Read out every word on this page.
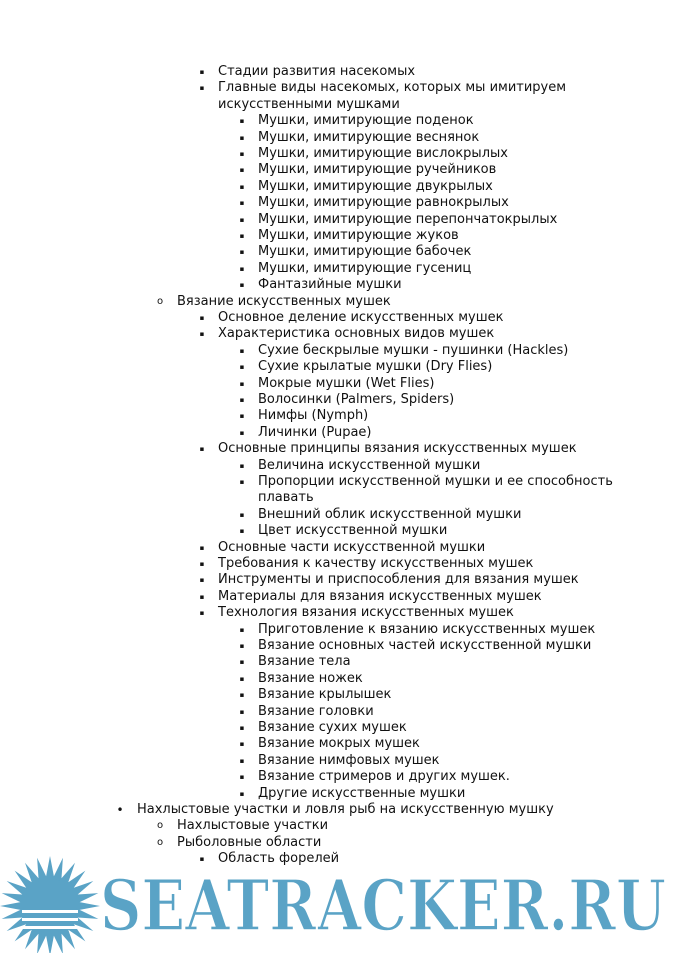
▪ Стадии развития насекомых
▪ Главные виды насекомых, которых мы имитируем искусственными мушками
▪ Мушки, имитирующие поденок
▪ Мушки, имитирующие веснянок
▪ Мушки, имитирующие вислокрылых
▪ Мушки, имитирующие ручейников
▪ Мушки, имитирующие двукрылых
▪ Мушки, имитирующие равнокрылых
▪ Мушки, имитирующие перепончатокрылых
▪ Мушки, имитирующие жуков
▪ Мушки, имитирующие бабочек
▪ Мушки, имитирующие гусениц
▪ Фантазийные мушки
o Вязание искусственных мушек
▪ Основное деление искусственных мушек
▪ Характеристика основных видов мушек
▪ Сухие бескрылые мушки - пушинки (Hackles)
▪ Сухие крылатые мушки (Dry Flies)
▪ Мокрые мушки (Wet Flies)
▪ Волосинки (Palmers, Spiders)
▪ Нимфы (Nymph)
▪ Личинки (Pupae)
▪ Основные принципы вязания искусственных мушек
▪ Величина искусственной мушки
▪ Пропорции искусственной мушки и ее способность плавать
▪ Внешний облик искусственной мушки
▪ Цвет искусственной мушки
▪ Основные части искусственной мушки
▪ Требования к качеству искусственных мушек
▪ Инструменты и приспособления для вязания мушек
▪ Материалы для вязания искусственных мушек
▪ Технология вязания искусственных мушек
▪ Приготовление к вязанию искусственных мушек
▪ Вязание основных частей искусственной мушки
▪ Вязание тела
▪ Вязание ножек
▪ Вязание крылышек
▪ Вязание головки
▪ Вязание сухих мушек
▪ Вязание мокрых мушек
▪ Вязание нимфовых мушек
▪ Вязание стримеров и других мушек.
▪ Другие искусственные мушки
• Нахлыстовые участки и ловля рыб на искусственную мушку
o Нахлыстовые участки
o Рыболовные области
▪ Область форелей
SEATRACKER.RU
